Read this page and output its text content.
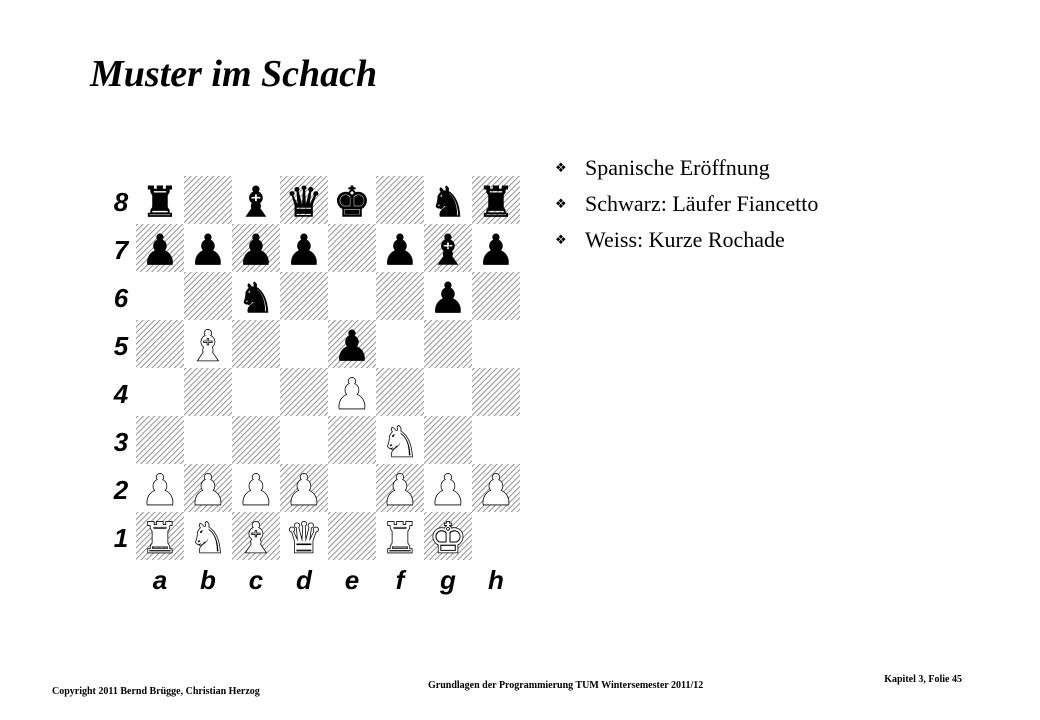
Muster im Schach
8
7
6
5
4
3
2
1
a b c d e f g h
♜ ♝ ♛ ♚ ♞ ♜
♟ ♟ ♟ ♟ ♟ ♝ ♟
♞	♟
♝	♟
♟
♞
♟ ♟ ♟ ♟ ♟ ♟ ♟
♜ ♞ ♝ ♛ ♜ ♚
❖ Spanische Eröffnung
❖ Schwarz: Läufer Fiancetto
❖ Weiss: Kurze Rochade
Copyright 2011 Bernd Brügge, Christian Herzog
Grundlagen der Programmierung TUM Wintersemester 2011/12
Kapitel 3, Folie 45
